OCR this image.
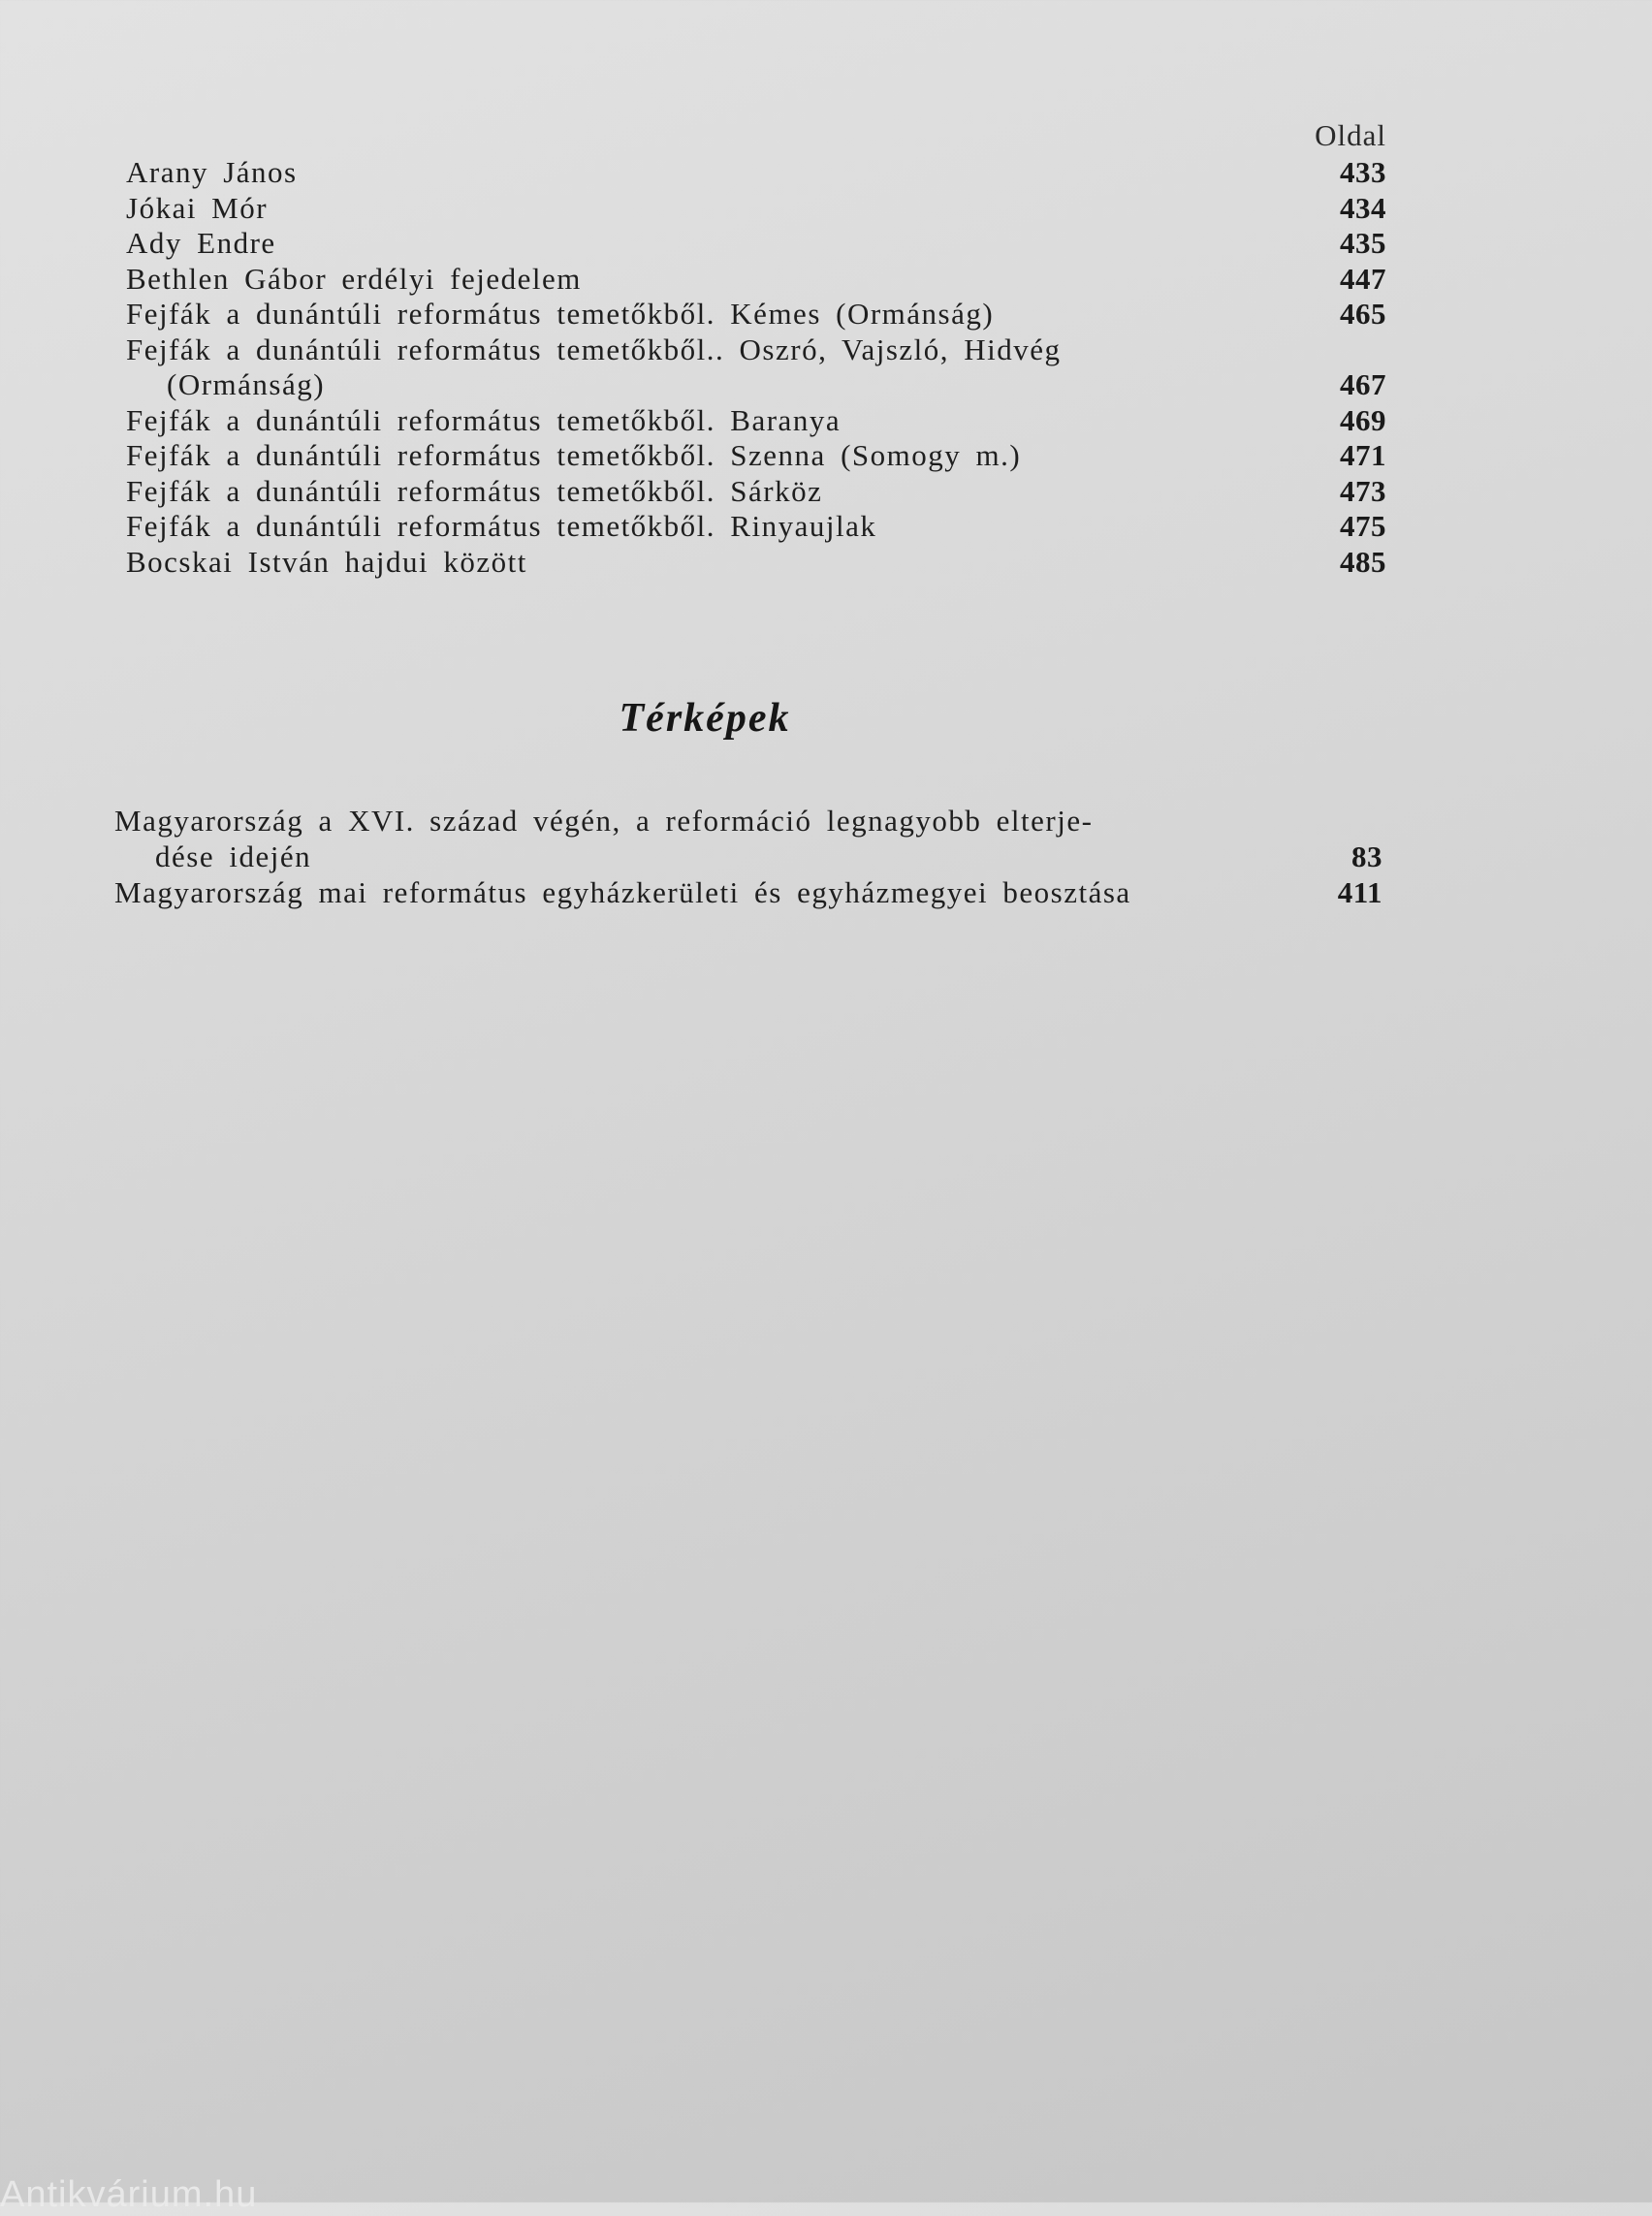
Oldal
Arany János	433
Jókai Mór	434
Ady Endre	435
Bethlen Gábor erdélyi fejedelem	447
Fejfák a dunántúli református temetőkből. Kémes (Ormánság)	465
Fejfák a dunántúli református temetőkből.. Oszró, Vajszló, Hidvég
(Ormánság)	467
Fejfák a dunántúli református temetőkből. Baranya	469
Fejfák a dunántúli református temetőkből. Szenna (Somogy m.)	471
Fejfák a dunántúli református temetőkből. Sárköz	473
Fejfák a dunántúli református temetőkből. Rinyaujlak	475
Bocskai István hajdui között	485
Térképek
Magyarország a XVI. század végén, a reformáció legnagyobb elterje-
dése idején	83
Magyarország mai református egyházkerületi és egyházmegyei beosztása	411
Antikvárium.hu
